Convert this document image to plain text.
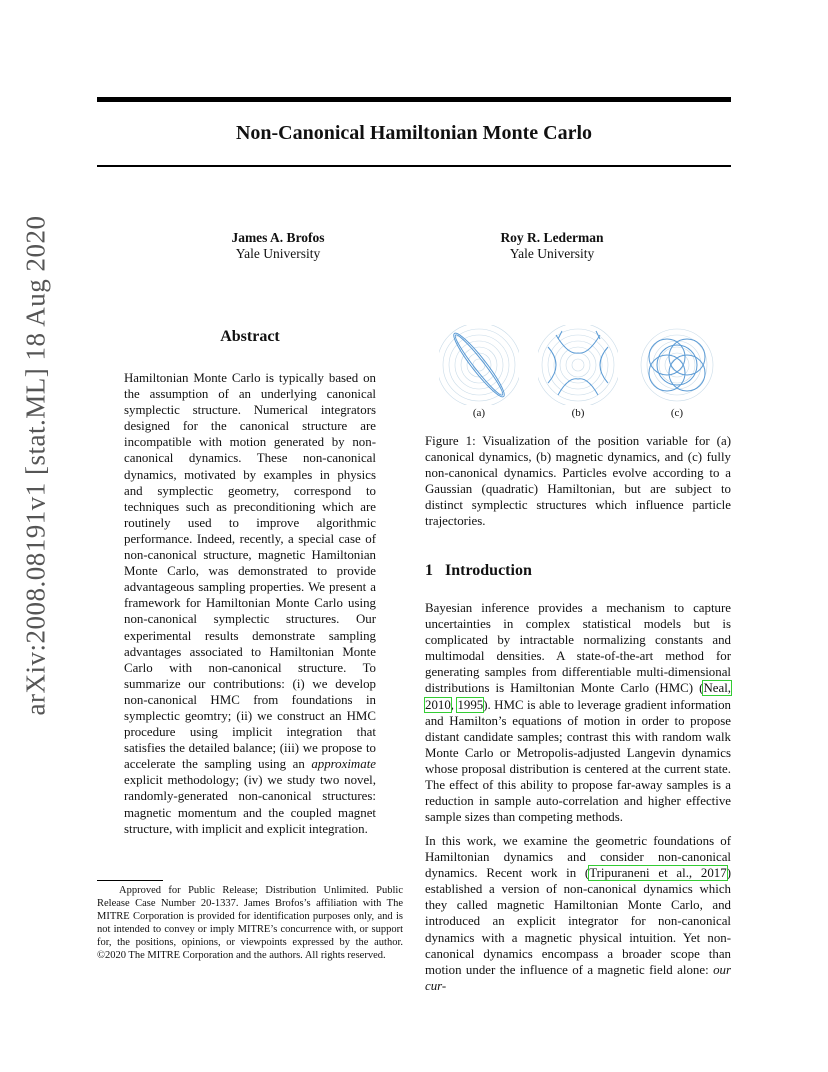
arXiv:2008.08191v1 [stat.ML] 18 Aug 2020
Non-Canonical Hamiltonian Monte Carlo
James A. Brofos
Yale University
Roy R. Lederman
Yale University
Abstract
Hamiltonian Monte Carlo is typically based on the assumption of an underlying canonical symplectic structure. Numerical integrators designed for the canonical structure are incompatible with motion generated by non-canonical dynamics. These non-canonical dynamics, motivated by examples in physics and symplectic geometry, correspond to techniques such as preconditioning which are routinely used to improve algorithmic performance. Indeed, recently, a special case of non-canonical structure, magnetic Hamiltonian Monte Carlo, was demonstrated to provide advantageous sampling properties. We present a framework for Hamiltonian Monte Carlo using non-canonical symplectic structures. Our experimental results demonstrate sampling advantages associated to Hamiltonian Monte Carlo with non-canonical structure. To summarize our contributions: (i) we develop non-canonical HMC from foundations in symplectic geomtry; (ii) we construct an HMC procedure using implicit integration that satisfies the detailed balance; (iii) we propose to accelerate the sampling using an approximate explicit methodology; (iv) we study two novel, randomly-generated non-canonical structures: magnetic momentum and the coupled magnet structure, with implicit and explicit integration.
Approved for Public Release; Distribution Unlimited. Public Release Case Number 20-1337. James Brofos’s affiliation with The MITRE Corporation is provided for identification purposes only, and is not intended to convey or imply MITRE’s concurrence with, or support for, the positions, opinions, or viewpoints expressed by the author. ©2020 The MITRE Corporation and the authors. All rights reserved.
(a)	(b)	(c)
Figure 1: Visualization of the position variable for (a) canonical dynamics, (b) magnetic dynamics, and (c) fully non-canonical dynamics. Particles evolve according to a Gaussian (quadratic) Hamiltonian, but are subject to distinct symplectic structures which influence particle trajectories.
1 Introduction
Bayesian inference provides a mechanism to capture uncertainties in complex statistical models but is complicated by intractable normalizing constants and multimodal densities. A state-of-the-art method for generating samples from differentiable multi-dimensional distributions is Hamiltonian Monte Carlo (HMC) (Neal, 2010, 1995). HMC is able to leverage gradient information and Hamilton’s equations of motion in order to propose distant candidate samples; contrast this with random walk Monte Carlo or Metropolis-adjusted Langevin dynamics whose proposal distribution is centered at the current state. The effect of this ability to propose far-away samples is a reduction in sample auto-correlation and higher effective sample sizes than competing methods.
In this work, we examine the geometric foundations of Hamiltonian dynamics and consider non-canonical dynamics. Recent work in (Tripuraneni et al., 2017) established a version of non-canonical dynamics which they called magnetic Hamiltonian Monte Carlo, and introduced an explicit integrator for non-canonical dynamics with a magnetic physical intuition. Yet non-canonical dynamics encompass a broader scope than motion under the influence of a magnetic field alone: our cur-
